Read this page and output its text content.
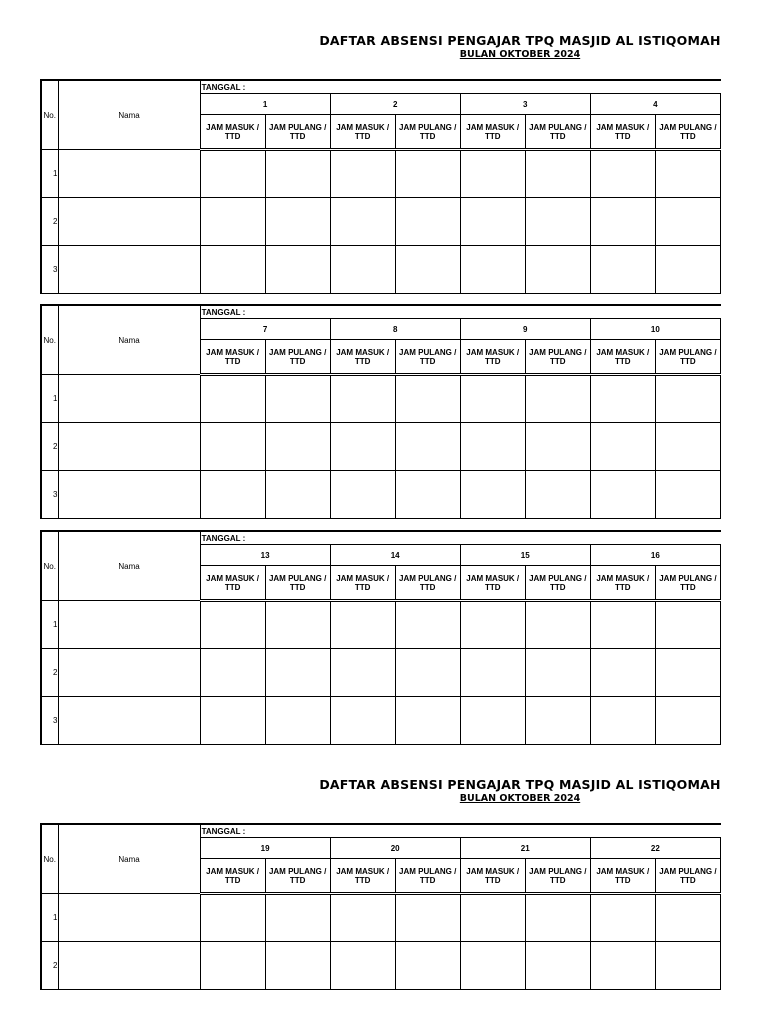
DAFTAR ABSENSI PENGAJAR TPQ MASJID AL ISTIQOMAH
BULAN OKTOBER 2024
No.	Nama	TANGGAL :							
		1		2		3		4	
		JAM MASUK / TTD	JAM PULANG / TTD	JAM MASUK / TTD	JAM PULANG / TTD	JAM MASUK / TTD	JAM PULANG / TTD	JAM MASUK / TTD	JAM PULANG / TTD
1									
2									
3									
No.	Nama	TANGGAL :							
		7		8		9		10	
		JAM MASUK / TTD	JAM PULANG / TTD	JAM MASUK / TTD	JAM PULANG / TTD	JAM MASUK / TTD	JAM PULANG / TTD	JAM MASUK / TTD	JAM PULANG / TTD
1									
2									
3									
No.	Nama	TANGGAL :							
		13		14		15		16	
		JAM MASUK / TTD	JAM PULANG / TTD	JAM MASUK / TTD	JAM PULANG / TTD	JAM MASUK / TTD	JAM PULANG / TTD	JAM MASUK / TTD	JAM PULANG / TTD
1									
2									
3									
DAFTAR ABSENSI PENGAJAR TPQ MASJID AL ISTIQOMAH
BULAN OKTOBER 2024
No.	Nama	TANGGAL :							
		19		20		21		22	
		JAM MASUK / TTD	JAM PULANG / TTD	JAM MASUK / TTD	JAM PULANG / TTD	JAM MASUK / TTD	JAM PULANG / TTD	JAM MASUK / TTD	JAM PULANG / TTD
1									
2									
